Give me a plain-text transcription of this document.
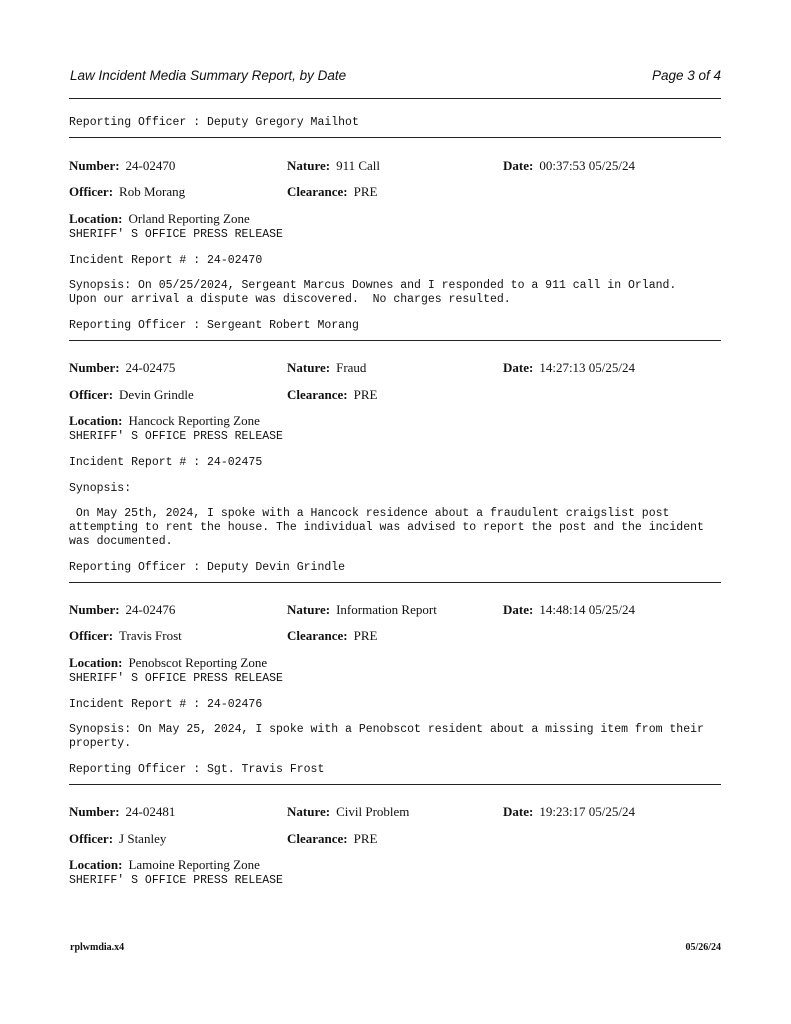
Law Incident Media Summary Report, by Date	Page 3 of 4
Reporting Officer : Deputy Gregory Mailhot
Number: 24-02470	Nature: 911 Call	Date: 00:37:53 05/25/24
Officer: Rob Morang	Clearance: PRE
Location: Orland Reporting Zone
SHERIFF' S OFFICE PRESS RELEASE
Incident Report # : 24-02470
Synopsis: On 05/25/2024, Sergeant Marcus Downes and I responded to a 911 call in Orland.
Upon our arrival a dispute was discovered.  No charges resulted.
Reporting Officer : Sergeant Robert Morang
Number: 24-02475	Nature: Fraud	Date: 14:27:13 05/25/24
Officer: Devin Grindle	Clearance: PRE
Location: Hancock Reporting Zone
SHERIFF' S OFFICE PRESS RELEASE
Incident Report # : 24-02475
Synopsis:
On May 25th, 2024, I spoke with a Hancock residence about a fraudulent craigslist post
attempting to rent the house. The individual was advised to report the post and the incident
was documented.
Reporting Officer : Deputy Devin Grindle
Number: 24-02476	Nature: Information Report	Date: 14:48:14 05/25/24
Officer: Travis Frost	Clearance: PRE
Location: Penobscot Reporting Zone
SHERIFF' S OFFICE PRESS RELEASE
Incident Report # : 24-02476
Synopsis: On May 25, 2024, I spoke with a Penobscot resident about a missing item from their
property.
Reporting Officer : Sgt. Travis Frost
Number: 24-02481	Nature: Civil Problem	Date: 19:23:17 05/25/24
Officer: J Stanley	Clearance: PRE
Location: Lamoine Reporting Zone
SHERIFF' S OFFICE PRESS RELEASE
rplwmdia.x4	05/26/24
